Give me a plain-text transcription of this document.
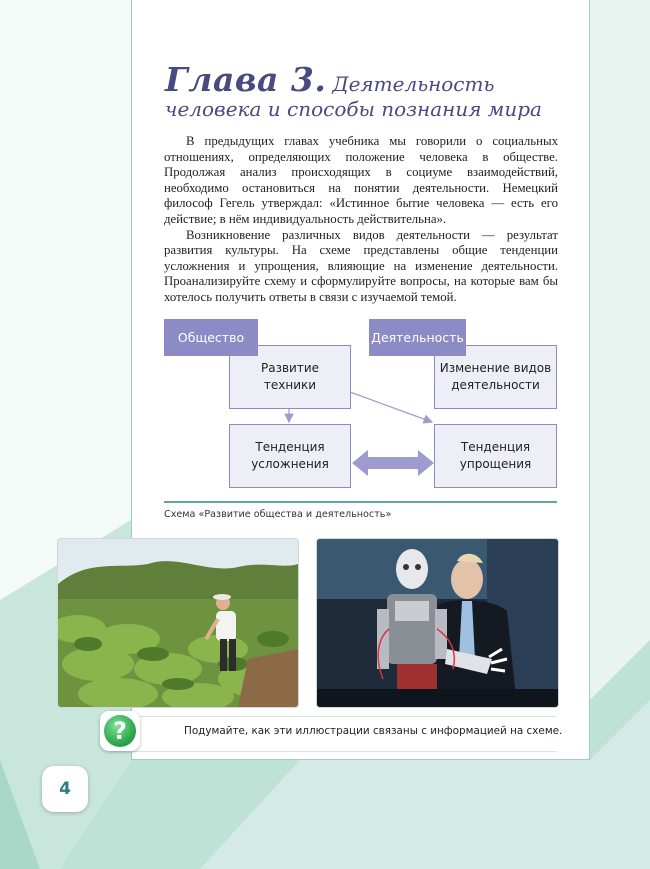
Глава 3. Деятельность
человека и способы познания мира

В предыдущих главах учебника мы говорили о социальных отношениях, определяющих положение человека в обществе. Продолжая анализ происходящих в социуме взаимодействий, необходимо остановиться на понятии деятельности. Немецкий философ Гегель утверждал: «Истинное бытие человека — есть его действие; в нём индивидуальность действительна».

Возникновение различных видов деятельности — результат развития культуры. На схеме представлены общие тенденции усложнения и упрощения, влияющие на изменение деятельности. Проанализируйте схему и сформулируйте вопросы, на которые вам бы хотелось получить ответы в связи с изучаемой темой.

Развитие техники
Изменение видов деятельности
Тенденция усложнения
Тенденция упрощения
Общество	Деятельность
Схема «Развитие общества и деятельность»
?	Подумайте, как эти иллюстрации связаны с информацией на схеме.
4
